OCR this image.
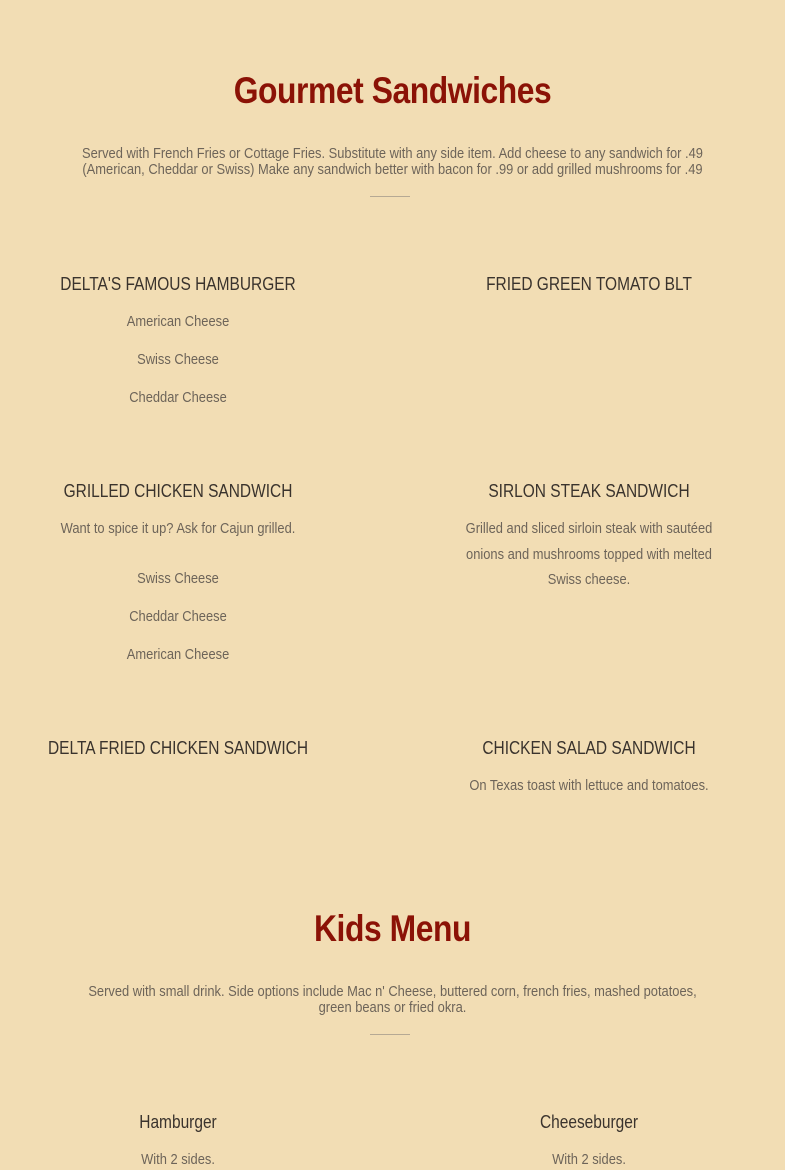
Gourmet Sandwiches

Served with French Fries or Cottage Fries. Substitute with any side item. Add cheese to any sandwich for .49 (American, Cheddar or Swiss) Make any sandwich better with bacon for .99 or add grilled mushrooms for .49

DELTA'S FAMOUS HAMBURGER
American Cheese
Swiss Cheese
Cheddar Cheese
FRIED GREEN TOMATO BLT
GRILLED CHICKEN SANDWICH
Want to spice it up? Ask for Cajun grilled.
Swiss Cheese
Cheddar Cheese
American Cheese
SIRLON STEAK SANDWICH
Grilled and sliced sirloin steak with sautéed onions and mushrooms topped with melted Swiss cheese.
DELTA FRIED CHICKEN SANDWICH	CHICKEN SALAD SANDWICH
On Texas toast with lettuce and tomatoes.
Kids Menu

Served with small drink. Side options include Mac n' Cheese, buttered corn, french fries, mashed potatoes, green beans or fried okra.

Hamburger
With 2 sides.
Cheeseburger
With 2 sides.
